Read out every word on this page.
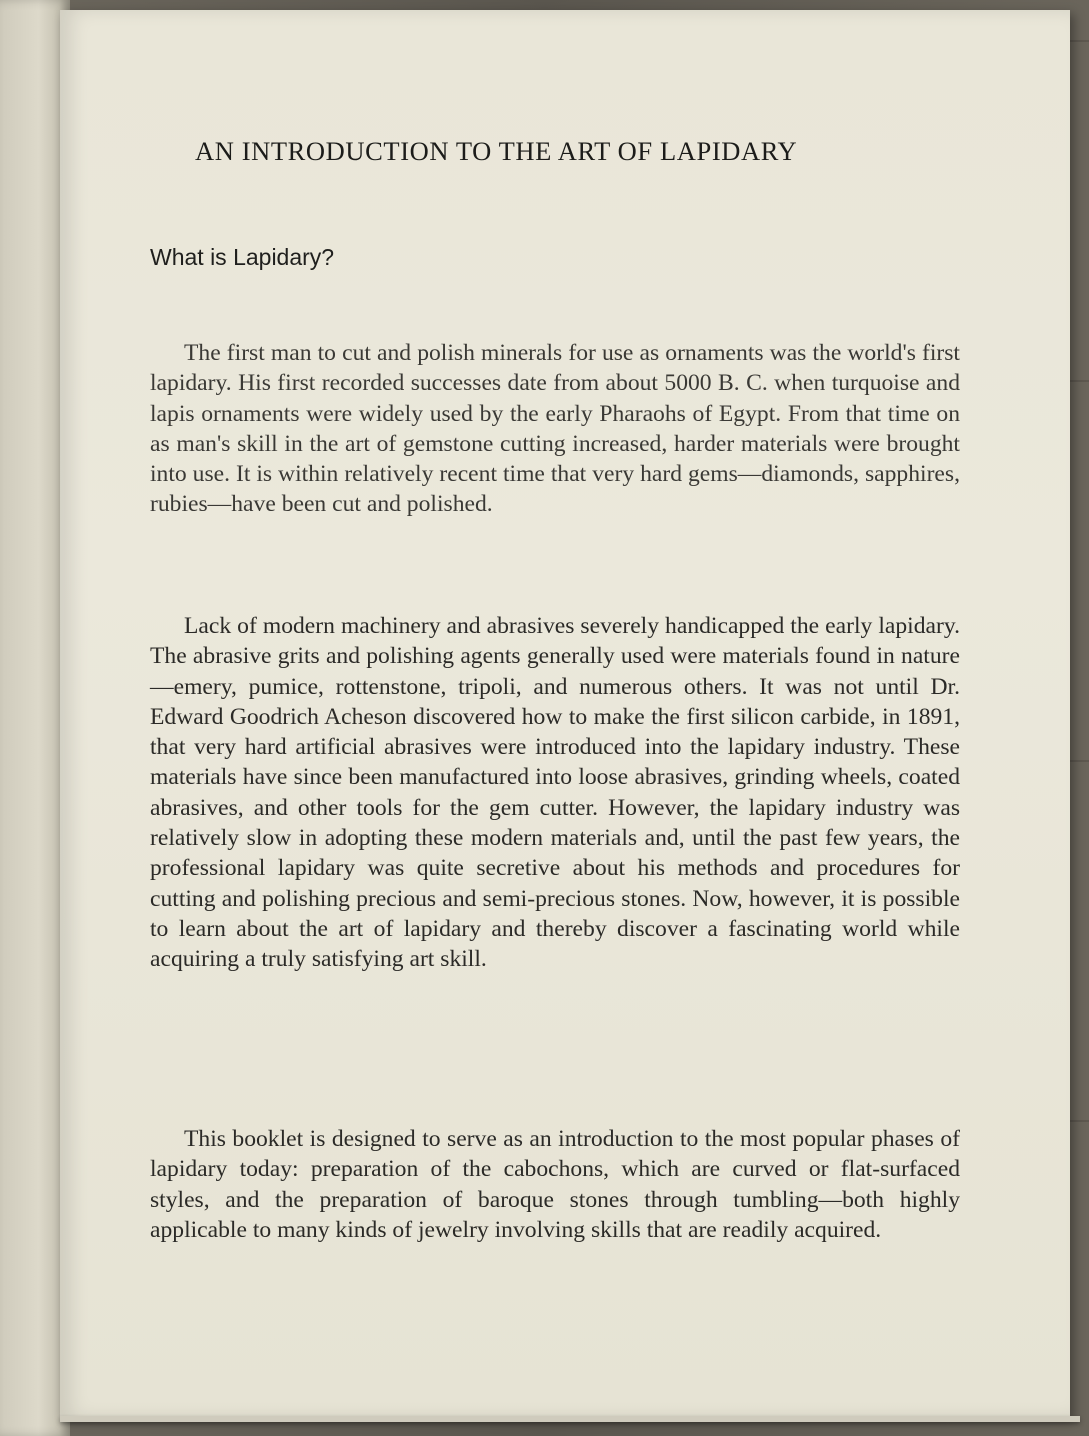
AN INTRODUCTION TO THE ART OF LAPIDARY
What is Lapidary?

The first man to cut and polish minerals for use as ornaments was the world's first lapidary. His first recorded successes date from about 5000 B. C. when turquoise and lapis ornaments were widely used by the early Pharaohs of Egypt. From that time on as man's skill in the art of gemstone cutting increased, harder materials were brought into use. It is within relatively recent time that very hard gems—diamonds, sapphires, rubies—have been cut and polished.

Lack of modern machinery and abrasives severely handicapped the early lapidary. The abrasive grits and polishing agents generally used were materials found in nature—emery, pumice, rottenstone, tripoli, and numerous others. It was not until Dr. Edward Goodrich Acheson discovered how to make the first silicon carbide, in 1891, that very hard artificial abrasives were introduced into the lapidary industry. These materials have since been manufactured into loose abrasives, grinding wheels, coated abrasives, and other tools for the gem cutter. However, the lapidary industry was relatively slow in adopting these modern materials and, until the past few years, the professional lapidary was quite secretive about his methods and procedures for cutting and polishing precious and semi-precious stones. Now, however, it is possible to learn about the art of lapidary and thereby discover a fascinating world while acquiring a truly satisfying art skill.

This booklet is designed to serve as an introduction to the most popular phases of lapidary today: preparation of the cabochons, which are curved or flat-surfaced styles, and the preparation of baroque stones through tumbling—both highly applicable to many kinds of jewelry involving skills that are readily acquired.
